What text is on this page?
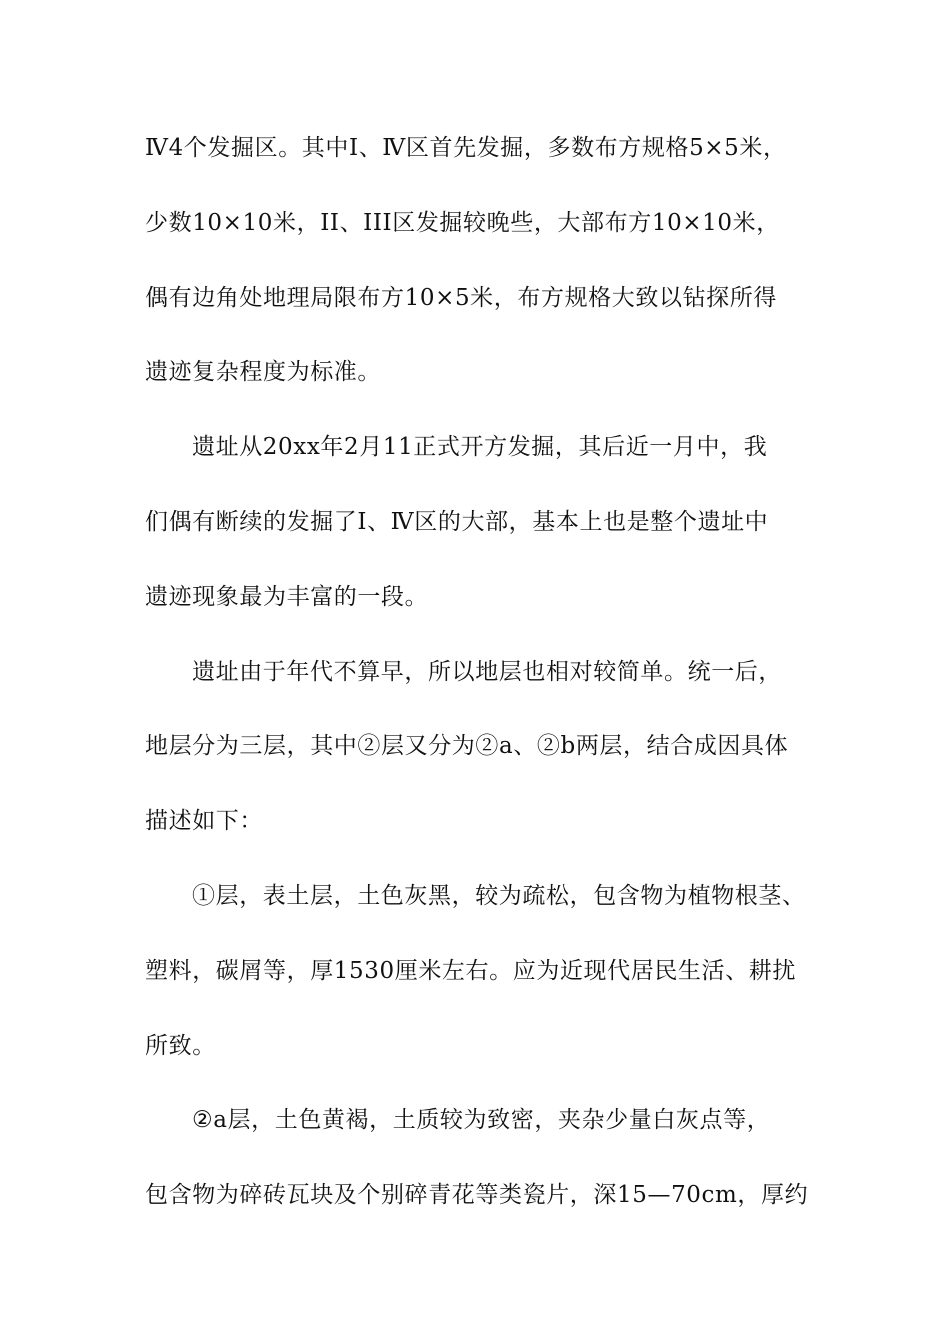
Ⅳ4个发掘区。其中Ⅰ、Ⅳ区首先发掘，多数布方规格5×5米，
少数10×10米，II、III区发掘较晚些，大部布方10×10米，
偶有边角处地理局限布方10×5米，布方规格大致以钻探所得
遗迹复杂程度为标准。
遗址从20xx年2月11正式开方发掘，其后近一月中，我
们偶有断续的发掘了Ⅰ、Ⅳ区的大部，基本上也是整个遗址中
遗迹现象最为丰富的一段。
遗址由于年代不算早，所以地层也相对较简单。统一后，
地层分为三层，其中②层又分为②a、②b两层，结合成因具体
描述如下：
①层，表土层，土色灰黑，较为疏松，包含物为植物根茎、
塑料，碳屑等，厚1530厘米左右。应为近现代居民生活、耕扰
所致。
②a层，土色黄褐，土质较为致密，夹杂少量白灰点等，
包含物为碎砖瓦块及个别碎青花等类瓷片，深15—70cm，厚约
